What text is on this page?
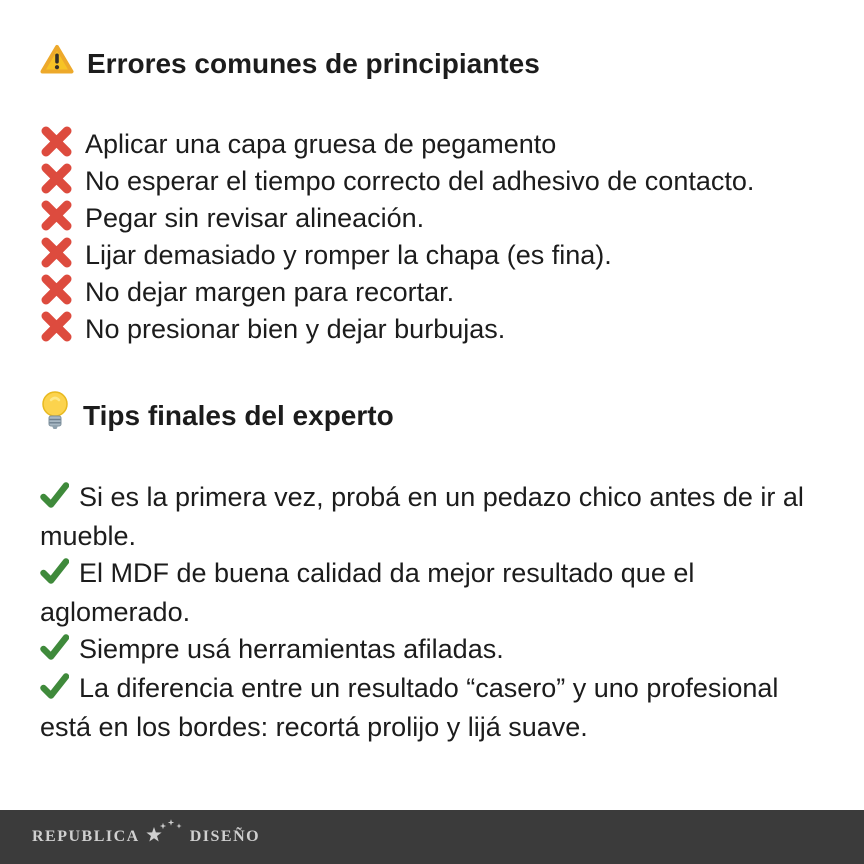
Errores comunes de principiantes
Aplicar una capa gruesa de pegamento
No esperar el tiempo correcto del adhesivo de contacto.
Pegar sin revisar alineación.
Lijar demasiado y romper la chapa (es fina).
No dejar margen para recortar.
No presionar bien y dejar burbujas.
Tips finales del experto

Si es la primera vez, probá en un pedazo chico antes de ir al mueble.

El MDF de buena calidad da mejor resultado que el aglomerado.

Siempre usá herramientas afiladas.

La diferencia entre un resultado “casero” y uno profesional está en los bordes: recortá prolijo y lijá suave.

REPUBLICA	DISEÑO
